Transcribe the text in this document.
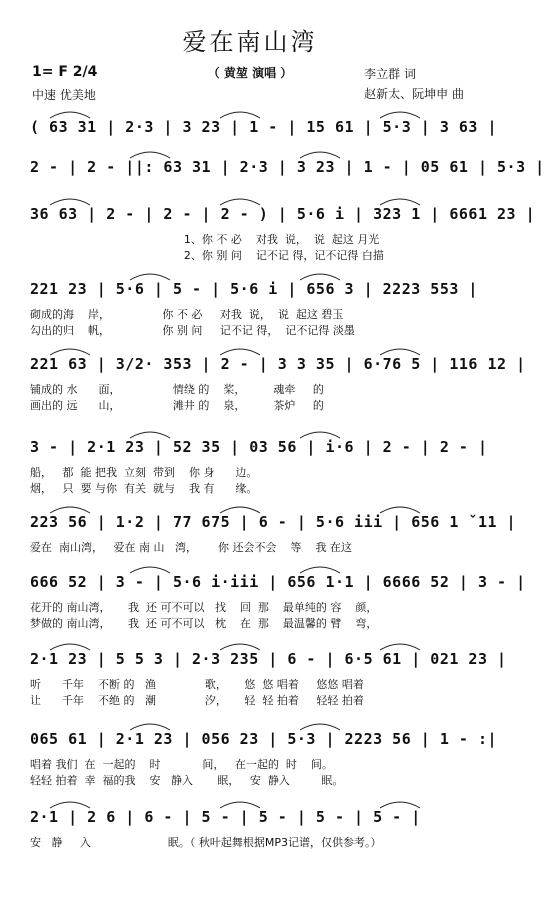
爱在南山湾
（ 黄堃 演唱 ）
1= F 2/4
中速 优美地
李立群 词
赵新太、阮坤申 曲
( 63 31 | 2·3 | 3 23 | 1 - | 15 61 | 5·3 | 3 63 |
2 - | 2 - ||: 63 31 | 2·3 | 3 23 | 1 - | 05 61 | 5·3 |
36 63 | 2 - | 2 - | 2 - ) | 5·6 i | 323 1 | 6661 23 |
1、你 不 必    对我  说，  说  起这 月光
2、你 别 问    记不记 得，记不记得 白描
221 23 | 5·6 | 5 - | 5·6 i | 656 3 | 2223 553 |
砌成的海    岸，               你 不 必     对我  说，  说  起这 碧玉
勾出的归    帆，               你 别 问     记不记 得，  记不记得 淡墨
221 63 | 3/2· 353 | 2 - | 3 3 35 | 6·76 5 | 116 12 |
铺成的 水      面，               情绕 的    桨，        魂牵     的
画出的 远      山，               滩井 的    泉，        茶炉     的
3 - | 2·1 23 | 52 35 | 03 56 | i·6 | 2 - | 2 - |
船，   都  能 把我  立刻  带到    你 身      边。
烟，   只  要 与你  有关  就与    我 有      缘。
223 56 | 1·2 | 77 675 | 6 - | 5·6 iii | 656 1 ˇ11 |
爱在  南山湾，   爱在 南 山   湾，      你 还会不会    等    我 在这
666 52 | 3 - | 5·6 i·iii | 656 1·1 | 6666 52 | 3 - |
花开的 南山湾，     我  还 可不可以   找    回  那    最单纯的 容    颜，
梦做的 南山湾，     我  还 可不可以   枕    在  那    最温馨的 臂    弯，
2·1 23 | 5 5 3 | 2·3 235 | 6 - | 6·5 61 | 021 23 |
听      千年    不断 的   渔              歌，     悠  悠 唱着     悠悠 唱着
让      千年    不绝 的   潮              汐，     轻  轻 拍着     轻轻 拍着
065 61 | 2·1 23 | 056 23 | 5·3 | 2223 56 | 1 - :|
唱着 我们  在  一起的    时            间，   在一起的  时    间。
轻轻 拍着  幸  福的我    安   静入       眠，   安  静入         眠。
2·1 | 2 6 | 6 - | 5 - | 5 - | 5 - | 5 - |
安   静     入                      眠。（ 秋叶起舞根据MP3记谱，仅供参考。）
